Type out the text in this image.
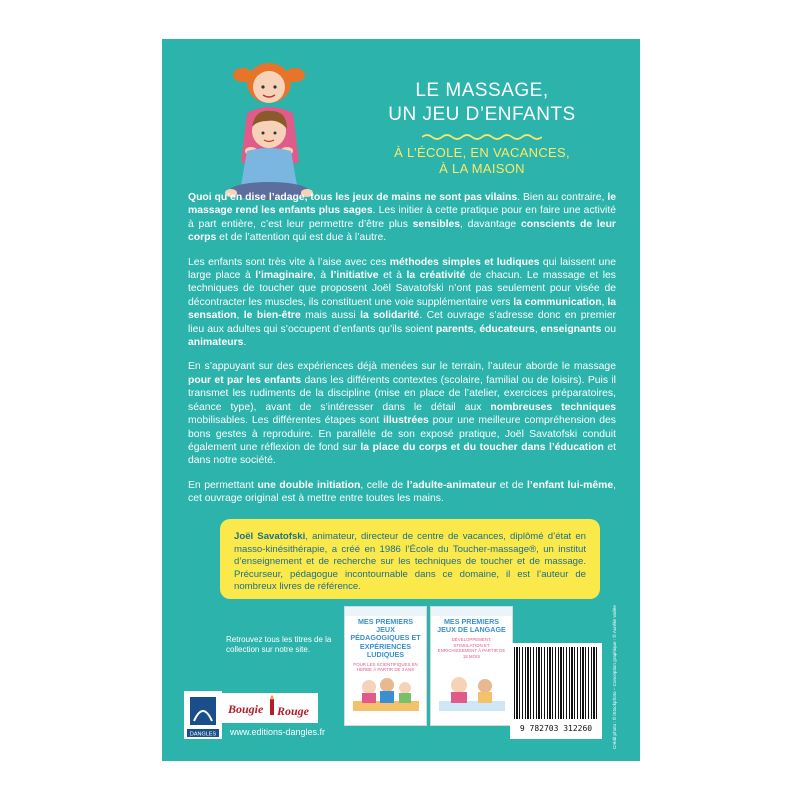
LE MASSAGE,
UN JEU D’ENFANTS
À L’ÉCOLE, EN VACANCES,
À LA MAISON

Quoi qu’en dise l’adage, tous les jeux de mains ne sont pas vilains. Bien au contraire, le massage rend les enfants plus sages. Les initier à cette pratique pour en faire une activité à part entière, c’est leur permettre d’être plus sensibles, davantage conscients de leur corps et de l’attention qui est due à l’autre.

Les enfants sont très vite à l’aise avec ces méthodes simples et ludiques qui laissent une large place à l’imaginaire, à l’initiative et à la créativité de chacun. Le massage et les techniques de toucher que proposent Joël Savatofski n’ont pas seulement pour visée de décontracter les muscles, ils constituent une voie supplémentaire vers la communication, la sensation, le bien-être mais aussi la solidarité. Cet ouvrage s’adresse donc en premier lieu aux adultes qui s’occupent d’enfants qu’ils soient parents, éducateurs, enseignants ou animateurs.

En s’appuyant sur des expériences déjà menées sur le terrain, l’auteur aborde le massage pour et par les enfants dans les différents contextes (scolaire, familial ou de loisirs). Puis il transmet les rudiments de la discipline (mise en place de l’atelier, exercices préparatoires, séance type), avant de s’intéresser dans le détail aux nombreuses techniques mobilisables. Les différentes étapes sont illustrées pour une meilleure compréhension des bons gestes à reproduire. En parallèle de son exposé pratique, Joël Savatofski conduit également une réflexion de fond sur la place du corps et du toucher dans l’éducation et dans notre société.

En permettant une double initiation, celle de l’adulte-animateur et de l’enfant lui-même, cet ouvrage original est à mettre entre toutes les mains.

Joël Savatofski, animateur, directeur de centre de vacances, diplômé d’état en masso-kinésithérapie, a créé en 1986 l’École du Toucher-massage®, un institut d’enseignement et de recherche sur les techniques de toucher et de massage. Précurseur, pédagogue incontournable dans ce domaine, il est l’auteur de nombreux livres de référence.
Retrouvez tous les titres de la collection sur notre site.
MES PREMIERS JEUX PÉDAGOGIQUES ET EXPÉRIENCES LUDIQUES
POUR LES SCIENTIFIQUES EN HERBE À PARTIR DE 3 ANS
MES PREMIERS JEUX DE LANGAGE
DÉVELOPPEMENT, STIMULATION ET ENRICHISSEMENT À PARTIR DE 18 MOIS
DANGLES
Bougie Rouge
www.editions-dangles.fr	9 782703 312260	Crédit photo : © iStockphoto – Conception graphique : © Aurélie Vallée
